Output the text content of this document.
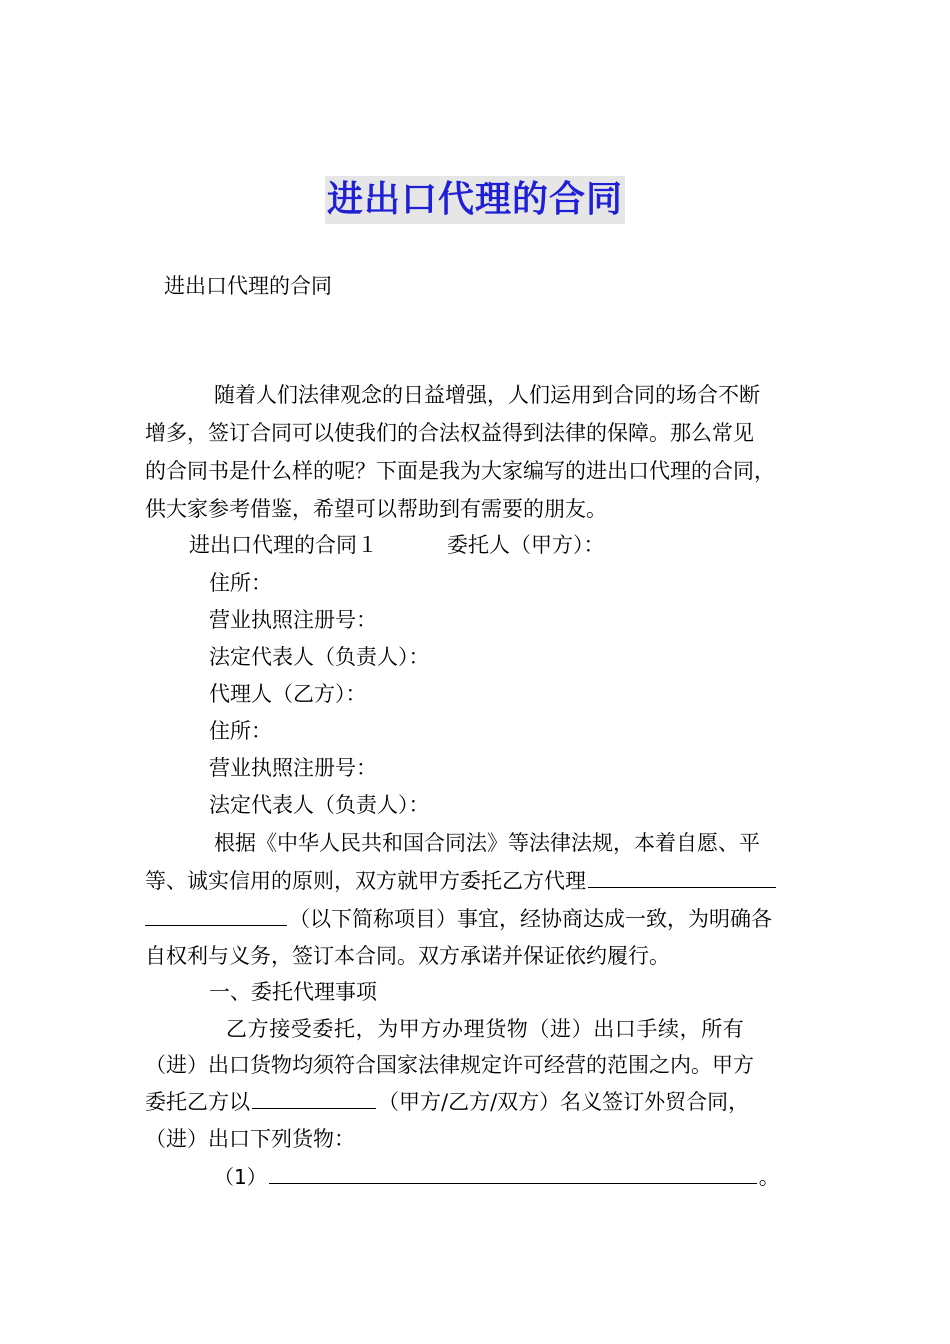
进出口代理的合同
进出口代理的合同
随着人们法律观念的日益增强，人们运用到合同的场合不断
增多，签订合同可以使我们的合法权益得到法律的保障。那么常见
的合同书是什么样的呢？下面是我为大家编写的进出口代理的合同，
供大家参考借鉴，希望可以帮助到有需要的朋友。
进出口代理的合同１	委托人（甲方）：
住所：
营业执照注册号：
法定代表人（负责人）：
代理人（乙方）：
住所：
营业执照注册号：
法定代表人（负责人）：
根据《中华人民共和国合同法》等法律法规，本着自愿、平
等、诚实信用的原则，双方就甲方委托乙方代理
（以下简称项目）事宜，经协商达成一致，为明确各
自权利与义务，签订本合同。双方承诺并保证依约履行。
一、委托代理事项
乙方接受委托，为甲方办理货物（进）出口手续，所有
（进）出口货物均须符合国家法律规定许可经营的范围之内。甲方
委托乙方以	（甲方/乙方/双方）名义签订外贸合同，
（进）出口下列货物：
（1）	。
